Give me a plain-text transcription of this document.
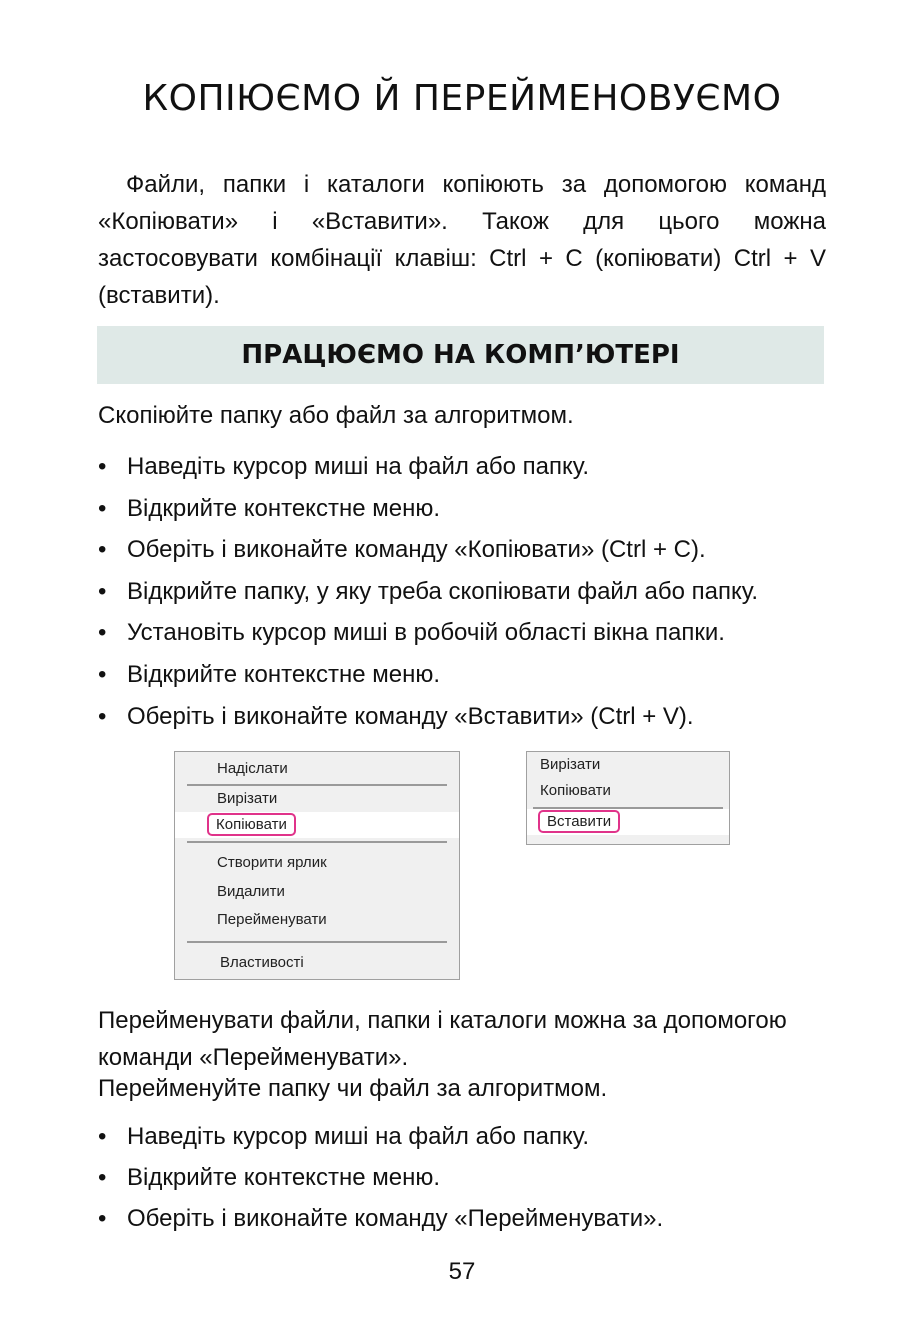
КОПІЮЄМО Й ПЕРЕЙМЕНОВУЄМО

Файли, папки і каталоги копіюють за допомогою команд «Копіювати» і «Вставити». Також для цього можна застосовувати комбінації клавіш: Ctrl + C (копіювати) Ctrl + V (вставити).

ПРАЦЮЄМО НА КОМП’ЮТЕРІ

Скопіюйте папку або файл за алгоритмом.

• Наведіть курсор миші на файл або папку.
• Відкрийте контекстне меню.
• Оберіть і виконайте команду «Копіювати» (Ctrl + C).
• Відкрийте папку, у яку треба скопіювати файл або папку.
• Установіть курсор миші в робочій області вікна папки.
• Відкрийте контекстне меню.
• Оберіть і виконайте команду «Вставити» (Ctrl + V).
Надіслати
Вирізати
Копіювати
Створити ярлик
Видалити
Перейменувати
Властивості
Вирізати
Копіювати
Вставити

Перейменувати файли, папки і каталоги можна за допомогою команди «Перейменувати».

Перейменуйте папку чи файл за алгоритмом.

• Наведіть курсор миші на файл або папку.
• Відкрийте контекстне меню.
• Оберіть і виконайте команду «Перейменувати».
57
